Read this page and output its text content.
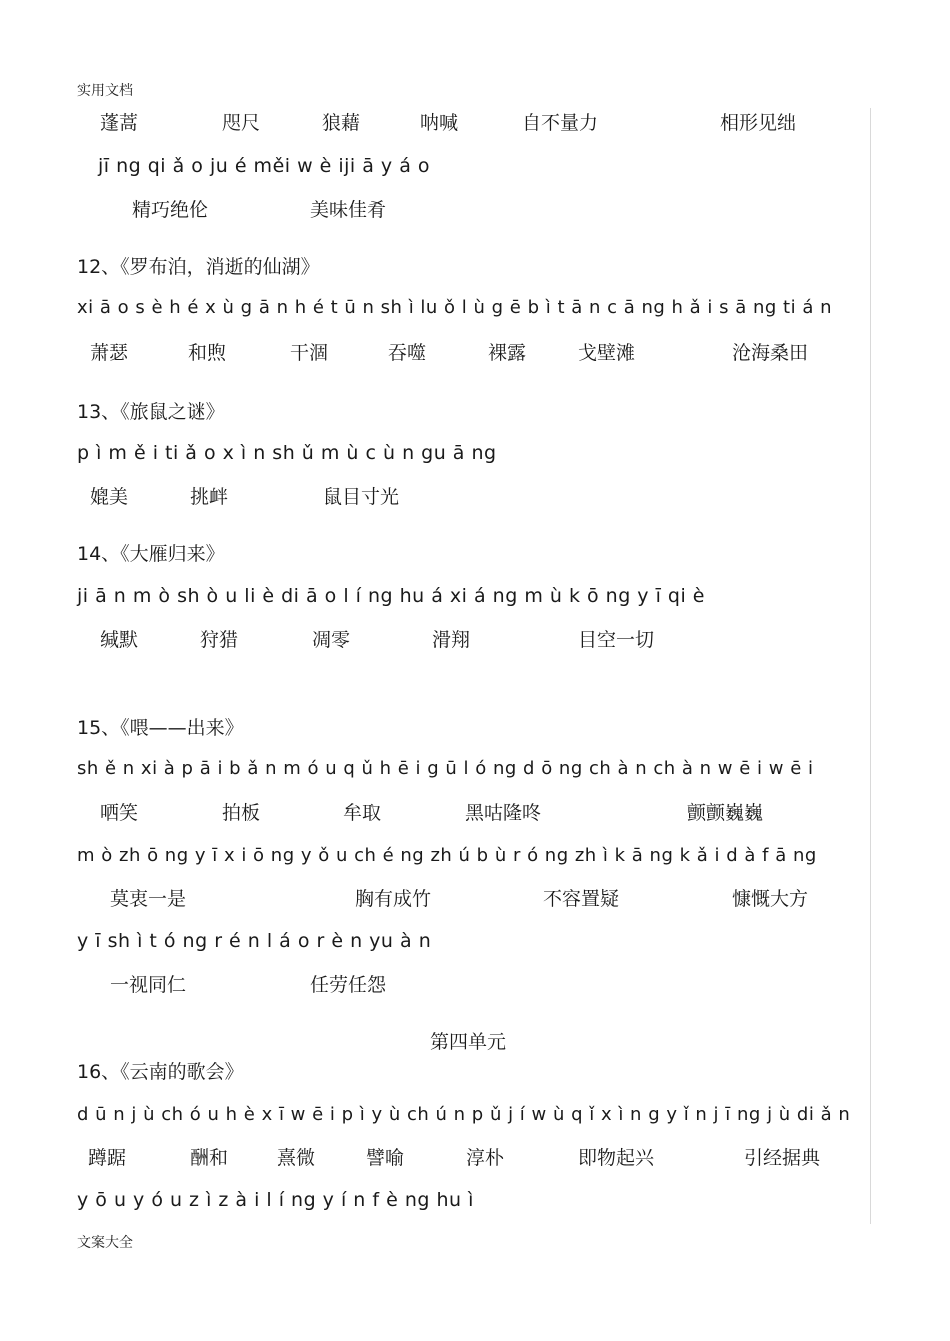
实用文档
蓬蒿	咫尺	狼藉	呐喊	自不量力	相形见绌
jī ng qi ǎ o ju é měi w è iji ā y á o
精巧绝伦	美味佳肴
12、《罗布泊，消逝的仙湖》
xi ā o s è h é x ù g ā n h é t ū n sh ì lu ǒ l ù g ē b ì t ā n c ā ng h ǎ i s ā ng ti á n
萧瑟	和煦	干涸	吞噬	裸露	戈壁滩	沧海桑田
13、《旅鼠之谜》
p ì m ě i ti ǎ o x ì n sh ǔ m ù c ù n gu ā ng
媲美	挑衅	鼠目寸光
14、《大雁归来》
ji ā n m ò sh ò u li è di ā o l í ng hu á xi á ng m ù k ō ng y ī qi è
缄默	狩猎	凋零	滑翔	目空一切
15、《喂——出来》
sh ě n xi à p ā i b ǎ n m ó u q ǔ h ē i g ū l ó ng d ō ng ch à n ch à n w ē i w ē i
哂笑	拍板	牟取	黑咕隆咚	颤颤巍巍
m ò zh ō ng y ī x i ō ng y ǒ u ch é ng zh ú b ù r ó ng zh ì k ā ng k ǎ i d à f ā ng
莫衷一是	胸有成竹	不容置疑	慷慨大方
y ī sh ì t ó ng r é n l á o r è n yu à n
一视同仁	任劳任怨
第四单元
16、《云南的歌会》
d ū n j ù ch ó u h è x ī w ē i p ì y ù ch ú n p ǔ j í w ù q ǐ x ì n g y ǐ n j ī ng j ù di ǎ n
蹲踞	酬和	熹微	譬喻	淳朴	即物起兴	引经据典
y ō u y ó u z ì z à i l í ng y í n f è ng hu ì
文案大全
